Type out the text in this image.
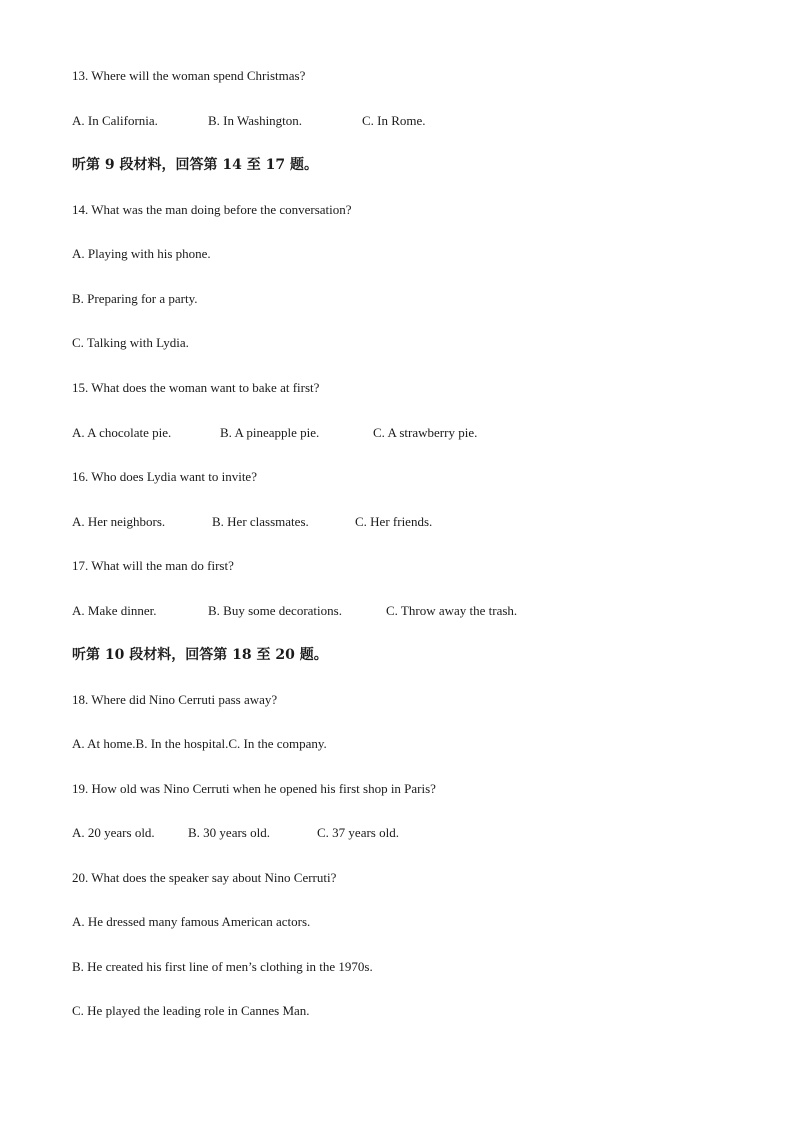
13. Where will the woman spend Christmas?
A. In California.	B. In Washington.	C. In Rome.
听第 9 段材料，回答第 14 至 17 题。
14. What was the man doing before the conversation?
A. Playing with his phone.
B. Preparing for a party.
C. Talking with Lydia.
15. What does the woman want to bake at first?
A. A chocolate pie.	B. A pineapple pie.	C. A strawberry pie.
16. Who does Lydia want to invite?
A. Her neighbors.	B. Her classmates.	C. Her friends.
17. What will the man do first?
A. Make dinner.	B. Buy some decorations.	C. Throw away the trash.
听第 10 段材料，回答第 18 至 20 题。
18. Where did Nino Cerruti pass away?
A. At home.B. In the hospital.C. In the company.
19. How old was Nino Cerruti when he opened his first shop in Paris?
A. 20 years old.	B. 30 years old.	C. 37 years old.
20. What does the speaker say about Nino Cerruti?
A. He dressed many famous American actors.
B. He created his first line of men’s clothing in the 1970s.
C. He played the leading role in Cannes Man.
